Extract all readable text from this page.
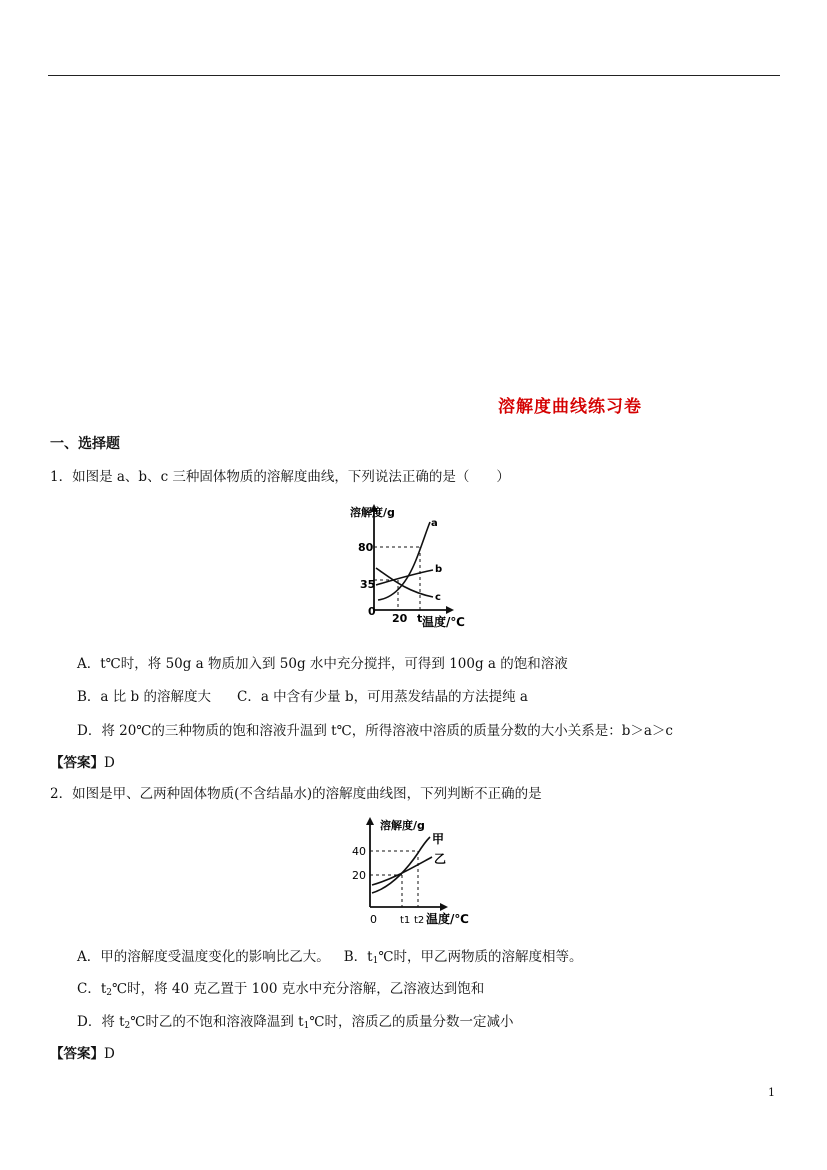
溶解度曲线练习卷
一、选择题
1．如图是 a、b、c 三种固体物质的溶解度曲线，下列说法正确的是（　　）
溶解度/g
80
35
0
20 t 温度/℃
a
b
c
A．t℃时，将 50g a 物质加入到 50g 水中充分搅拌，可得到 100g a 的饱和溶液
B．a 比 b 的溶解度大 C．a 中含有少量 b，可用蒸发结晶的方法提纯 a
D．将 20℃的三种物质的饱和溶液升温到 t℃，所得溶液中溶质的质量分数的大小关系是：b＞a＞c
【答案】D
2．如图是甲、乙两种固体物质(不含结晶水)的溶解度曲线图，下列判断不正确的是
溶解度/g
40
20
0 t1 t2 温度/℃
甲
乙
A．甲的溶解度受温度变化的影响比乙大。 B．$t_1℃$时，甲乙两物质的溶解度相等。
C．$t_2℃$时，将 40 克乙置于 100 克水中充分溶解，乙溶液达到饱和
D．将 $t_2℃$时乙的不饱和溶液降温到 $t_1℃$时，溶质乙的质量分数一定减小
【答案】D
1
